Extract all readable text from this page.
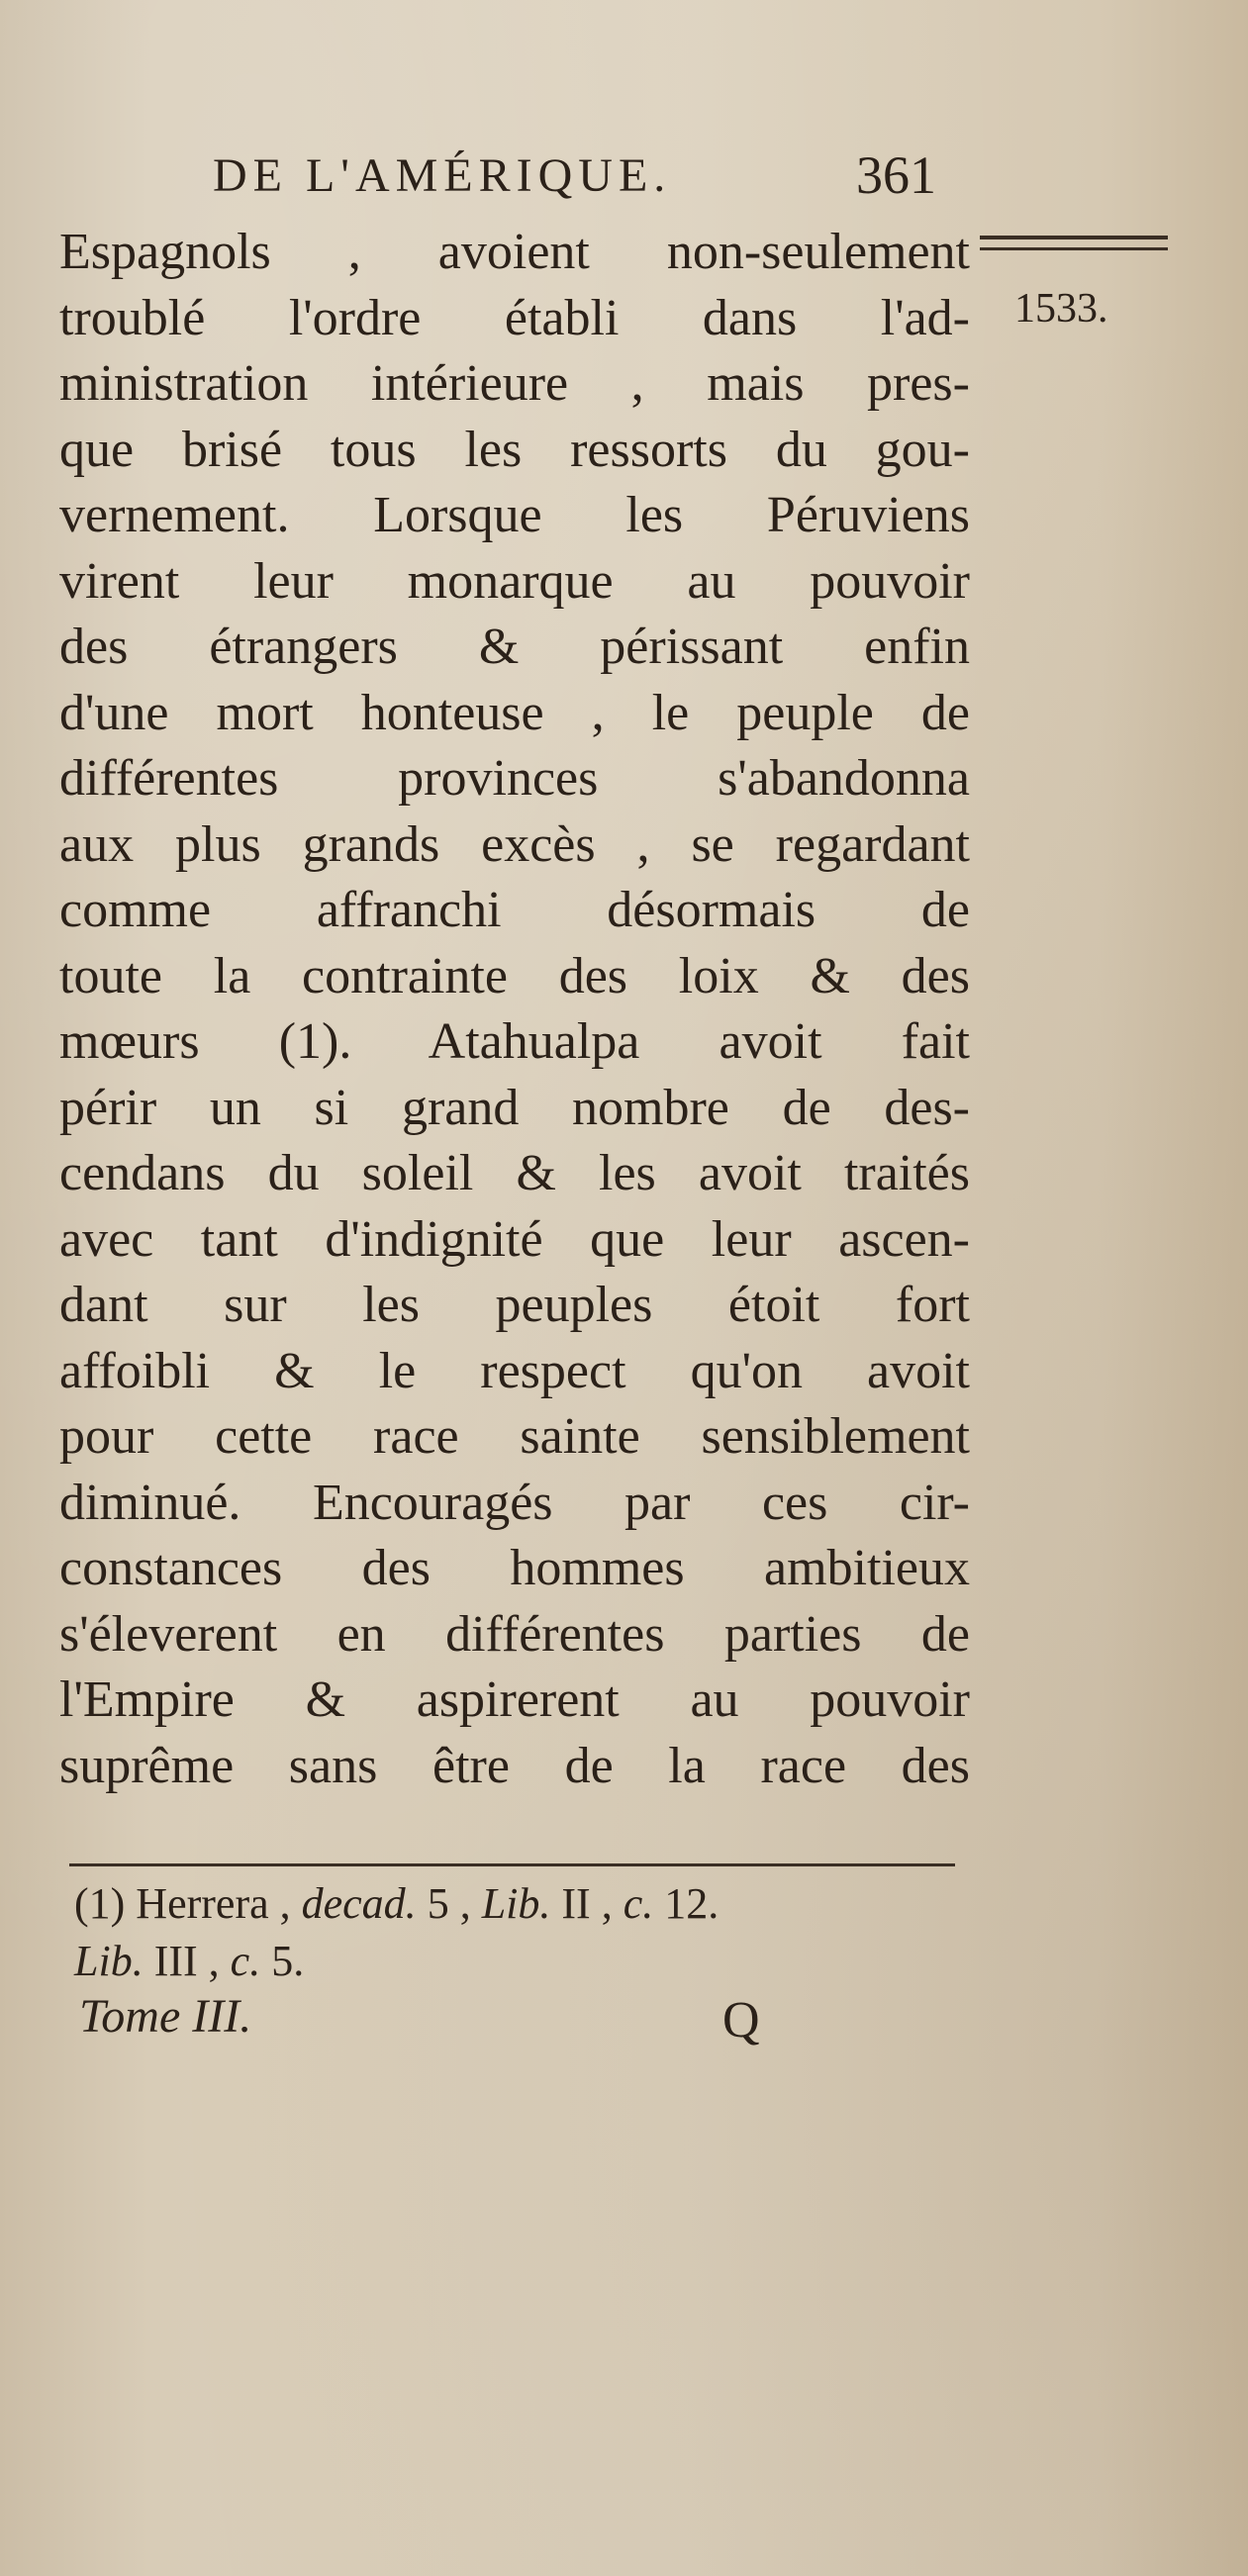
DE L'AMÉRIQUE.	361
1533.
Espagnols , avoient non-seulement
troublé l'ordre établi dans l'ad-
ministration intérieure , mais pres-
que brisé tous les ressorts du gou-
vernement. Lorsque les Péruviens
virent leur monarque au pouvoir
des étrangers & périssant enfin
d'une mort honteuse , le peuple de
différentes provinces s'abandonna
aux plus grands excès , se regardant
comme affranchi désormais de
toute la contrainte des loix & des
mœurs (1). Atahualpa avoit fait
périr un si grand nombre de des-
cendans du soleil & les avoit traités
avec tant d'indignité que leur ascen-
dant sur les peuples étoit fort
affoibli & le respect qu'on avoit
pour cette race sainte sensiblement
diminué. Encouragés par ces cir-
constances des hommes ambitieux
s'éleverent en différentes parties de
l'Empire & aspirerent au pouvoir
suprême sans être de la race des
(1) Herrera , decad. 5 , Lib. II , c. 12.
Lib. III , c. 5.
Tome III.	Q
